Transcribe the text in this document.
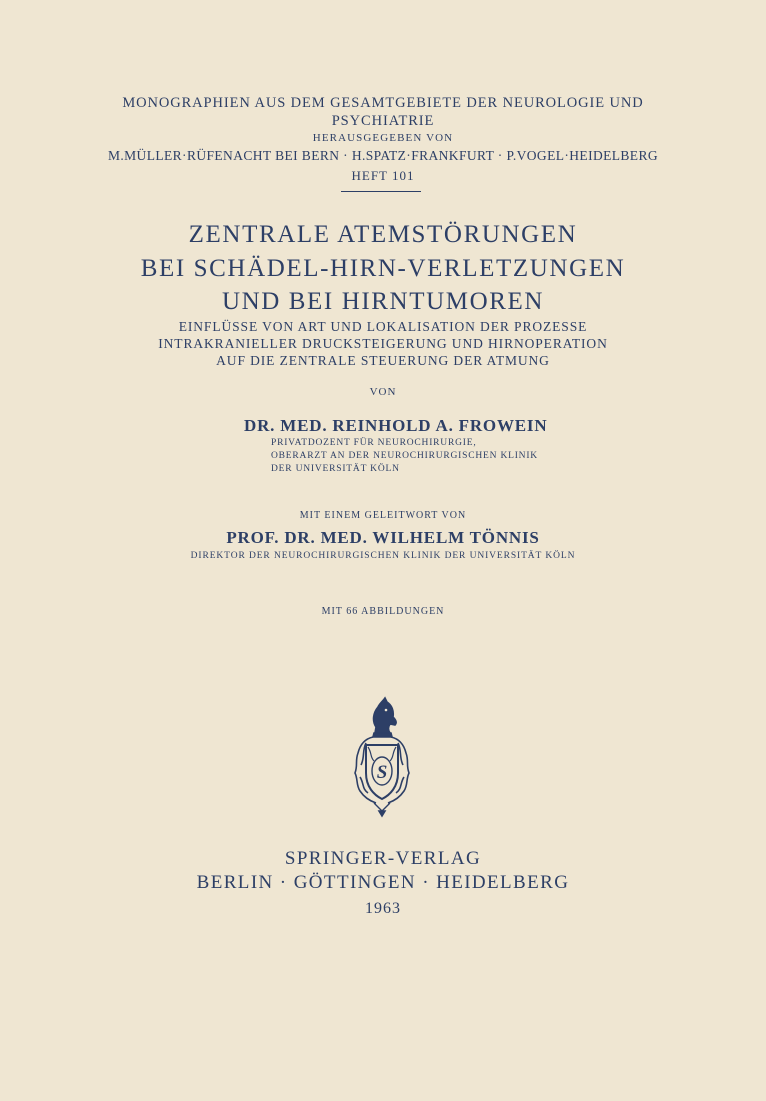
MONOGRAPHIEN AUS DEM GESAMTGEBIETE DER NEUROLOGIE UND
PSYCHIATRIE
HERAUSGEGEBEN VON
M.MÜLLER·RÜFENACHT BEI BERN · H.SPATZ·FRANKFURT · P.VOGEL·HEIDELBERG
HEFT 101
ZENTRALE ATEMSTÖRUNGEN
BEI SCHÄDEL-HIRN-VERLETZUNGEN
UND BEI HIRNTUMOREN
EINFLÜSSE VON ART UND LOKALISATION DER PROZESSE
INTRAKRANIELLER DRUCKSTEIGERUNG UND HIRNOPERATION
AUF DIE ZENTRALE STEUERUNG DER ATMUNG
VON
DR. MED. REINHOLD A. FROWEIN
PRIVATDOZENT FÜR NEUROCHIRURGIE,
OBERARZT AN DER NEUROCHIRURGISCHEN KLINIK
DER UNIVERSITÄT KÖLN
MIT EINEM GELEITWORT VON
PROF. DR. MED. WILHELM TÖNNIS
DIREKTOR DER NEUROCHIRURGISCHEN KLINIK DER UNIVERSITÄT KÖLN
MIT 66 ABBILDUNGEN
S
SPRINGER-VERLAG
BERLIN · GÖTTINGEN · HEIDELBERG
1963
